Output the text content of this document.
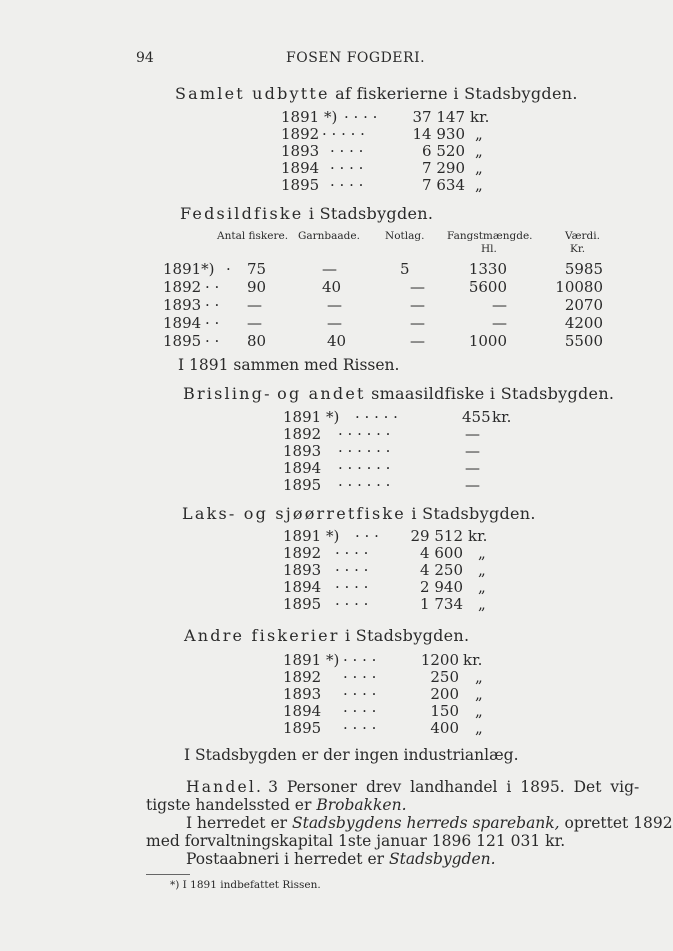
94	FOSEN FOGDERI.
Samlet udbytte af fiskerierne i Stadsbygden.
1891 *) · · · · 37 147 kr.
1892 · · · · ·	14 930 „
1893 · · · ·	6 520 „
1894 · · · ·	7 290 „
1895 · · · ·	7 634 „
Fedsildfiske i Stadsbygden.
Antal fiskere. Garnbaade. Notlag. Fangstmængde.
Hl.
Værdi.
Kr.
1891*) · 75	—	5	1330	5985
1892 · · 90	40	—	5600	10080
1893 · · —	—	—	—	2070
1894 · · —	—	—	—	4200
1895 · · 80	40	—	1000	5500
I 1891 sammen med Rissen.
Brisling- og andet smaasildfiske i Stadsbygden.
1891 *) · · · · ·	455 kr.
1892 · · · · · ·	—
1893 · · · · · ·	—
1894 · · · · · ·	—
1895 · · · · · ·	—
Laks- og sjøørretfiske i Stadsbygden.
1891 *) · · ·	29 512 kr.
1892 · · · ·	4 600 „
1893 · · · ·	4 250 „
1894 · · · ·	2 940 „
1895 · · · ·	1 734 „
Andre fiskerier i Stadsbygden.
1891 *) · · · ·	1200 kr.
1892 · · · ·	250 „
1893 · · · ·	200 „
1894 · · · ·	150 „
1895 · · · ·	400 „
I Stadsbygden er der ingen industrianlæg.
Handel. 3 Personer drev landhandel i 1895. Det vig-
tigste handelssted er Brobakken.
I herredet er Stadsbygdens herreds sparebank, oprettet 1892
med forvaltningskapital 1ste januar 1896 121 031 kr.
Postaabneri i herredet er Stadsbygden.
*) I 1891 indbefattet Rissen.
